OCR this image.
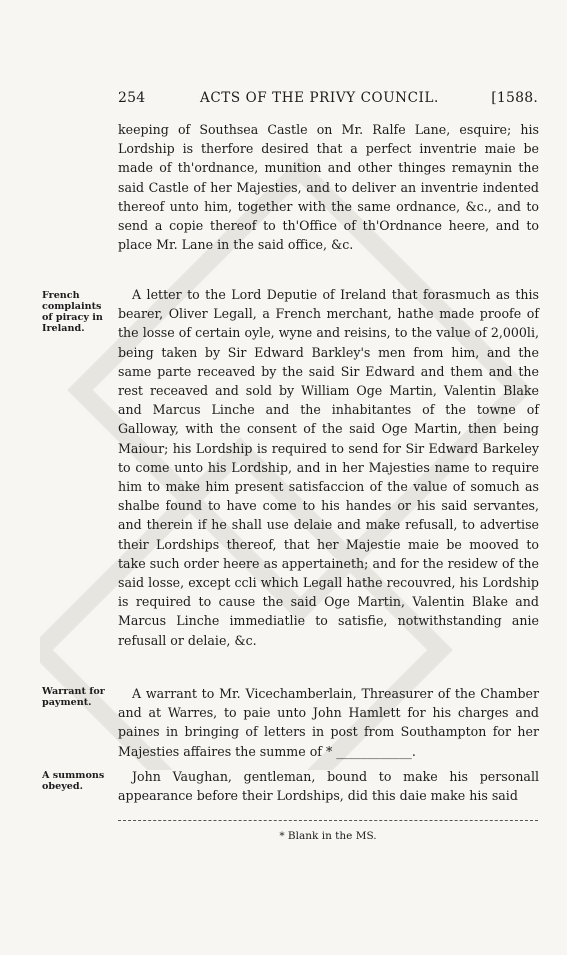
254	ACTS OF THE PRIVY COUNCIL.	[1588.
keeping of Southsea Castle on Mr. Ralfe Lane, esquire; his Lordship is therfore desired that a perfect inventrie maie be made of th'ordnance, munition and other thinges remaynin the said Castle of her Majesties, and to deliver an inventrie indented thereof unto him, together with the same ordnance, &c., and to send a copie thereof to th'Office of th'Ordnance heere, and to place Mr. Lane in the said office, &c.
French complaints of piracy in Ireland.
A letter to the Lord Deputie of Ireland that forasmuch as this bearer, Oliver Legall, a French merchant, hathe made proofe of the losse of certain oyle, wyne and reisins, to the value of 2,000li, being taken by Sir Edward Barkley's men from him, and the same parte receaved by the said Sir Edward and them and the rest receaved and sold by William Oge Martin, Valentin Blake and Marcus Linche and the inhabitantes of the towne of Galloway, with the consent of the said Oge Martin, then being Maiour; his Lordship is required to send for Sir Edward Barkeley to come unto his Lordship, and in her Majesties name to require him to make him present satisfaccion of the value of somuch as shalbe found to have come to his handes or his said servantes, and therein if he shall use delaie and make refusall, to advertise their Lordships thereof, that her Majestie maie be mooved to take such order heere as appertaineth; and for the residew of the said losse, except ccli which Legall hathe recouvred, his Lordship is required to cause the said Oge Martin, Valentin Blake and Marcus Linche immediatlie to satisfie, notwithstanding anie refusall or delaie, &c.
Warrant for payment.
A warrant to Mr. Vicechamberlain, Threasurer of the Chamber and at Warres, to paie unto John Hamlett for his charges and paines in bringing of letters in post from Southampton for her Majesties affaires the summe of * ____________.
A summons obeyed.
John Vaughan, gentleman, bound to make his personall appearance before their Lordships, did this daie make his said
* Blank in the MS.
